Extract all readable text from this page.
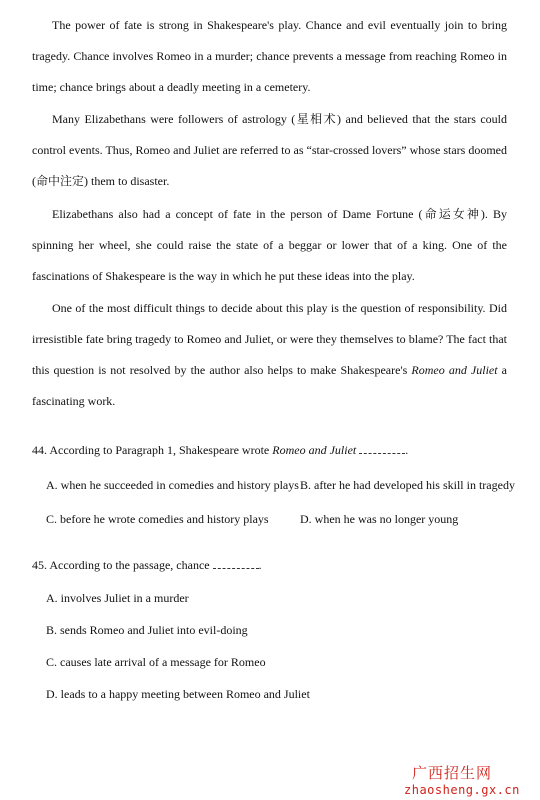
The power of fate is strong in Shakespeare's play. Chance and evil eventually join to bring tragedy. Chance involves Romeo in a murder; chance prevents a message from reaching Romeo in time; chance brings about a deadly meeting in a cemetery.

Many Elizabethans were followers of astrology (星相术) and believed that the stars could control events. Thus, Romeo and Juliet are referred to as “star-crossed lovers” whose stars doomed (命中注定) them to disaster.

Elizabethans also had a concept of fate in the person of Dame Fortune (命运女神). By spinning her wheel, she could raise the state of a beggar or lower that of a king. One of the fascinations of Shakespeare is the way in which he put these ideas into the play.

One of the most difficult things to decide about this play is the question of responsibility. Did irresistible fate bring tragedy to Romeo and Juliet, or were they themselves to blame? The fact that this question is not resolved by the author also helps to make Shakespeare's Romeo and Juliet a fascinating work.

44. According to Paragraph 1, Shakespeare wrote Romeo and Juliet	.

A. when he succeeded in comedies and history plays B. after he had developed his skill in tragedy

C. before he wrote comedies and history plays	D. when he was no longer young

45. According to the passage, chance	.

A. involves Juliet in a murder

B. sends Romeo and Juliet into evil-doing

C. causes late arrival of a message for Romeo

D. leads to a happy meeting between Romeo and Juliet

广西招生网
zhaosheng.gx.cn
